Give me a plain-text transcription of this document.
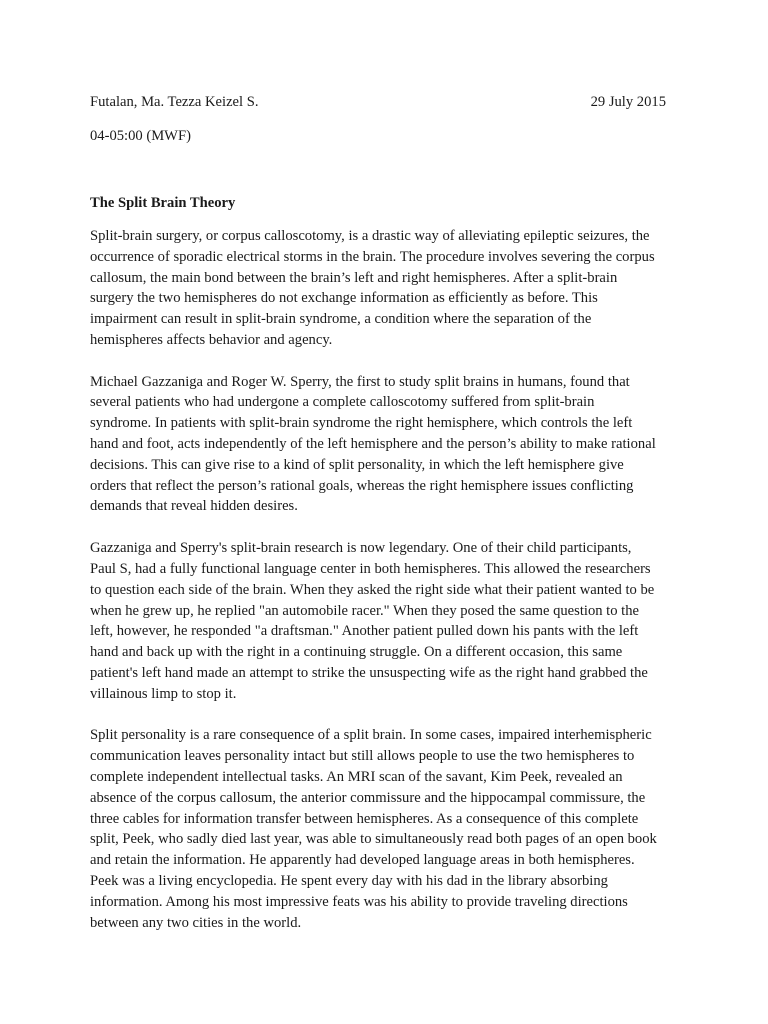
Futalan, Ma. Tezza Keizel S.	29 July 2015
04-05:00 (MWF)
The Split Brain Theory

Split-brain surgery, or corpus calloscotomy, is a drastic way of alleviating epileptic seizures, the
occurrence of sporadic electrical storms in the brain. The procedure involves severing the corpus
callosum, the main bond between the brain’s left and right hemispheres. After a split-brain
surgery the two hemispheres do not exchange information as efficiently as before. This
impairment can result in split-brain syndrome, a condition where the separation of the
hemispheres affects behavior and agency.

Michael Gazzaniga and Roger W. Sperry, the first to study split brains in humans, found that
several patients who had undergone a complete calloscotomy suffered from split-brain
syndrome. In patients with split-brain syndrome the right hemisphere, which controls the left
hand and foot, acts independently of the left hemisphere and the person’s ability to make rational
decisions. This can give rise to a kind of split personality, in which the left hemisphere give
orders that reflect the person’s rational goals, whereas the right hemisphere issues conflicting
demands that reveal hidden desires.

Gazzaniga and Sperry's split-brain research is now legendary. One of their child participants,
Paul S, had a fully functional language center in both hemispheres. This allowed the researchers
to question each side of the brain. When they asked the right side what their patient wanted to be
when he grew up, he replied "an automobile racer." When they posed the same question to the
left, however, he responded "a draftsman." Another patient pulled down his pants with the left
hand and back up with the right in a continuing struggle. On a different occasion, this same
patient's left hand made an attempt to strike the unsuspecting wife as the right hand grabbed the
villainous limp to stop it.

Split personality is a rare consequence of a split brain. In some cases, impaired interhemispheric
communication leaves personality intact but still allows people to use the two hemispheres to
complete independent intellectual tasks. An MRI scan of the savant, Kim Peek, revealed an
absence of the corpus callosum, the anterior commissure and the hippocampal commissure, the
three cables for information transfer between hemispheres. As a consequence of this complete
split, Peek, who sadly died last year, was able to simultaneously read both pages of an open book
and retain the information. He apparently had developed language areas in both hemispheres.
Peek was a living encyclopedia. He spent every day with his dad in the library absorbing
information. Among his most impressive feats was his ability to provide traveling directions
between any two cities in the world.
